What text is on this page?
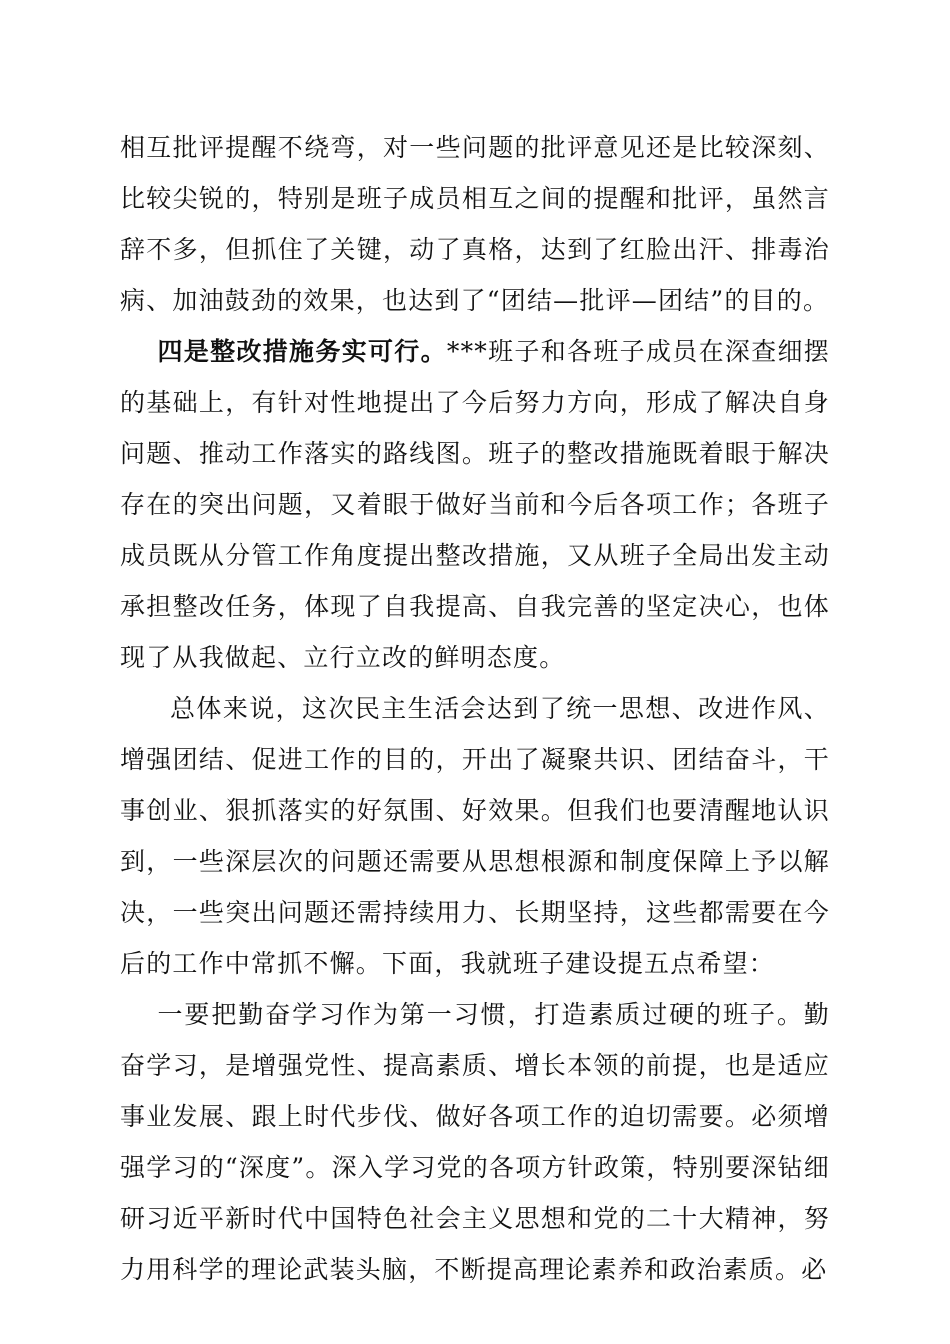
相互批评提醒不绕弯，对一些问题的批评意见还是比较深刻、比较尖锐的，特别是班子成员相互之间的提醒和批评，虽然言辞不多，但抓住了关键，动了真格，达到了红脸出汗、排毒治病、加油鼓劲的效果，也达到了“团结—批评—团结”的目的。

四是整改措施务实可行。***班子和各班子成员在深查细摆的基础上，有针对性地提出了今后努力方向，形成了解决自身问题、推动工作落实的路线图。班子的整改措施既着眼于解决存在的突出问题，又着眼于做好当前和今后各项工作；各班子成员既从分管工作角度提出整改措施，又从班子全局出发主动承担整改任务，体现了自我提高、自我完善的坚定决心，也体现了从我做起、立行立改的鲜明态度。

总体来说，这次民主生活会达到了统一思想、改进作风、增强团结、促进工作的目的，开出了凝聚共识、团结奋斗，干事创业、狠抓落实的好氛围、好效果。但我们也要清醒地认识到，一些深层次的问题还需要从思想根源和制度保障上予以解决，一些突出问题还需持续用力、长期坚持，这些都需要在今后的工作中常抓不懈。下面，我就班子建设提五点希望：

一要把勤奋学习作为第一习惯，打造素质过硬的班子。勤奋学习，是增强党性、提高素质、增长本领的前提，也是适应事业发展、跟上时代步伐、做好各项工作的迫切需要。必须增强学习的“深度”。深入学习党的各项方针政策，特别要深钻细研习近平新时代中国特色社会主义思想和党的二十大精神，努力用科学的理论武装头脑，不断提高理论素养和政治素质。必
